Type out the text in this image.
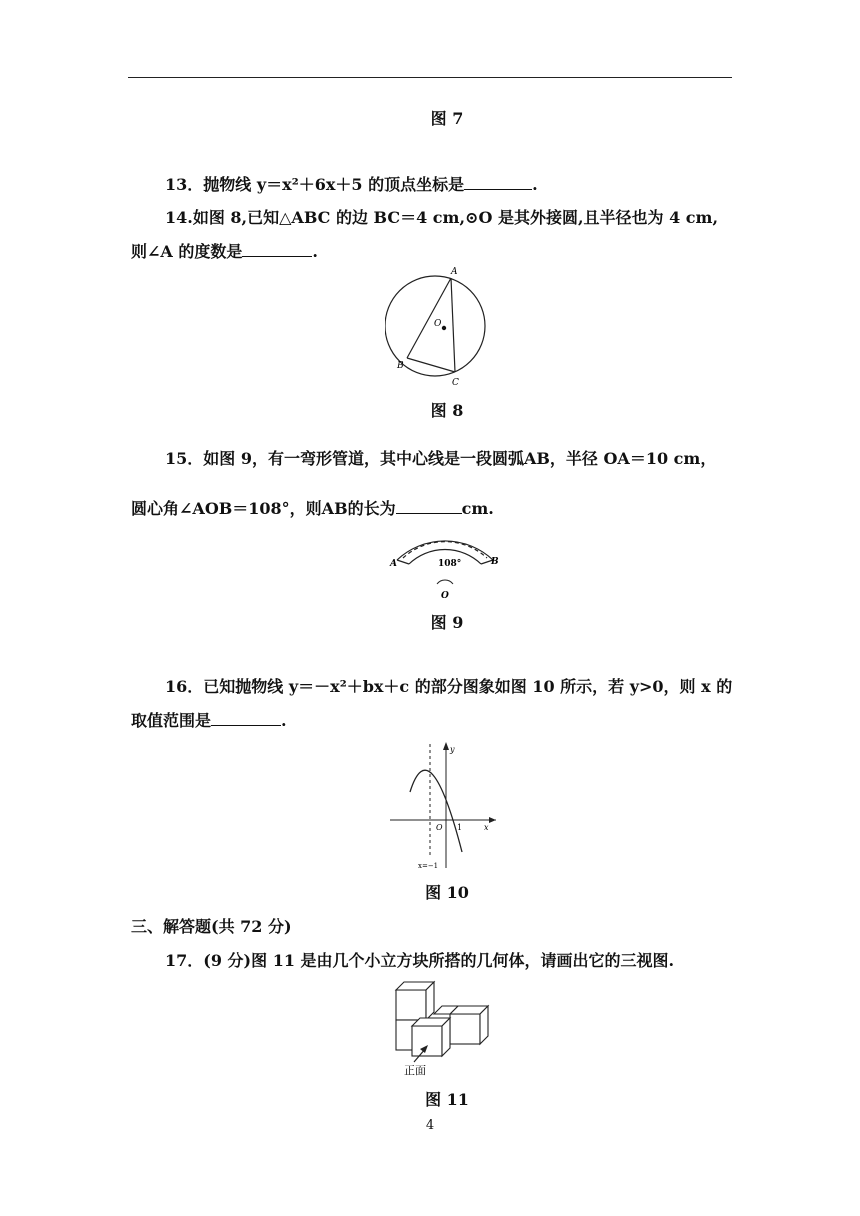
图 7
13．抛物线 y＝x²＋6x＋5 的顶点坐标是	.
14.如图 8,已知△ABC 的边 BC＝4 cm,⊙O 是其外接圆,且半径也为 4 cm,
则∠A 的度数是	.
A
O
B
C
图 8
15．如图 9，有一弯形管道，其中心线是一段圆弧AB，半径 OA＝10 cm，
圆心角∠AOB＝108°，则AB的长为	cm.
108°
A	B
O
图 9
16．已知抛物线 y＝－x²＋bx＋c 的部分图象如图 10 所示，若 y>0，则 x 的
取值范围是	.
y
x
O 1
x=−1
图 10
三、解答题(共 72 分)
17．(9 分)图 11 是由几个小立方块所搭的几何体，请画出它的三视图.
正面
图 11
4
